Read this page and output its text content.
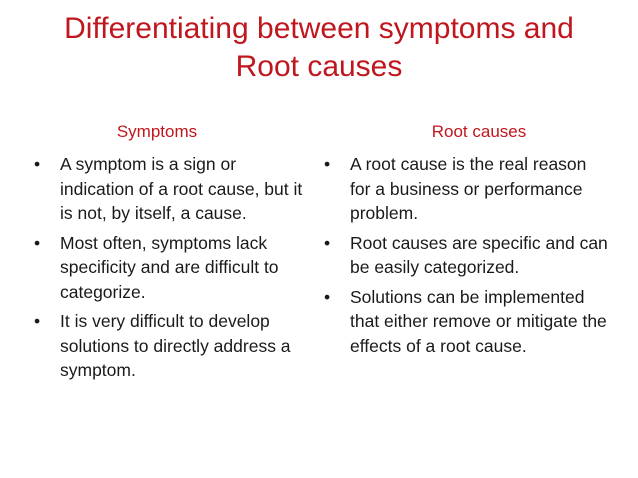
Differentiating between symptoms and
Root causes
Symptoms
• A symptom is a sign or indication of a root cause, but it is not, by itself, a cause.
• Most often, symptoms lack specificity and are difficult to categorize.
• It is very difficult to develop solutions to directly address a symptom.
Root causes
• A root cause is the real reason for a business or performance problem.
• Root causes are specific and can be easily categorized.
• Solutions can be implemented that either remove or mitigate the effects of a root cause.
